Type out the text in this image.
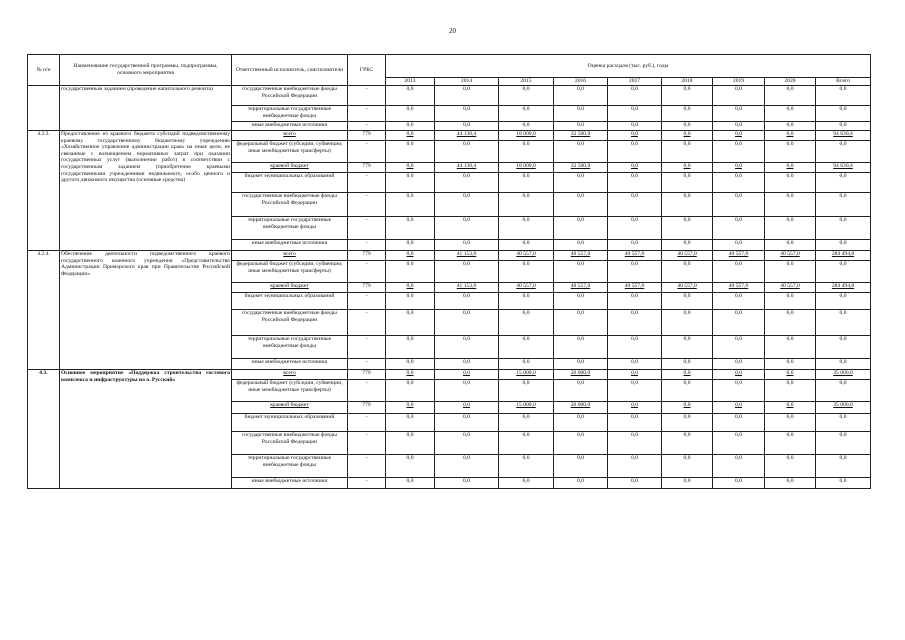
20
№ п/п	Наименование государственной программы, подпрограммы, основного мероприятия	Ответственный исполнитель, соисполнители	ГРБС	Оценка расходов (тыс. руб.), годы								
				2013	2014	2015	2016	2017	2018	2019	2020	Всего
	государственным заданием (проведение капитального ремонта)	государственные внебюджетные фонды Российской Федерации	-	0,0	0,0	0,0	0,0	0,0	0,0	0,0	0,0	0,0
		территориальные государственные внебюджетные фонды	-	0,0	0,0	0,0	0,0	0,0	0,0	0,0	0,0	0,0
		иные внебюджетные источники	-	0,0	0,0	0,0	0,0	0,0	0,0	0,0	0,0	0,0
4.2.3.	Предоставление из краевого бюджета субсидий подведомственному краевому государственному бюджетному учреждению «Хозяйственное управление администрации края» на иные цели, не связанные с возмещением нормативных затрат при оказании государственных услуг (выполнении работ) в соответствии с государственным заданием (приобретение краевыми государственными учреждениями недвижимого, особо ценного и другого движимого имущества (основные средства)	всего	779	0,0	44 130,4	18 000,0	32 500,0	0,0	0,0	0,0	0,0	94 630,4
		федеральный бюджет (субсидии, субвенции, иные межбюджетные трансферты)	-	0,0	0,0	0,0	0,0	0,0	0,0	0,0	0,0	0,0
		краевой бюджет	779	0,0	44 130,4	18 000,0	32 500,0	0,0	0,0	0,0	0,0	94 630,4
		бюджет муниципальных образований	-	0,0	0,0	0,0	0,0	0,0	0,0	0,0	0,0	0,0
		государственные внебюджетные фонды Российской Федерации	-	0,0	0,0	0,0	0,0	0,0	0,0	0,0	0,0	0,0
		территориальные государственные внебюджетные фонды	-	0,0	0,0	0,0	0,0	0,0	0,0	0,0	0,0	0,0
		иные внебюджетные источники	-	0,0	0,0	0,0	0,0	0,0	0,0	0,0	0,0	0,0
4.2.4.	Обеспечение деятельности подведомственного краевого государственного казенного учреждения «Представительство Администрации Приморского края при Правительстве Российской Федерации»	всего	779	0,0	41 153,0	40 557,0	40 557,0	40 557,0	40 557,0	40 557,0	40 557,0	284 494,8
		федеральный бюджет (субсидии, субвенции, иные межбюджетные трансферты)	-	0,0	0,0	0,0	0,0	0,0	0,0	0,0	0,0	0,0
		краевой бюджет	779	0,0	41 153,0	40 557,0	40 557,0	40 557,0	40 557,0	40 557,0	40 557,0	284 494,8
		бюджет муниципальных образований	-	0,0	0,0	0,0	0,0	0,0	0,0	0,0	0,0	0,0
		государственные внебюджетные фонды Российской Федерации	-	0,0	0,0	0,0	0,0	0,0	0,0	0,0	0,0	0,0
		территориальные государственные внебюджетные фонды	-	0,0	0,0	0,0	0,0	0,0	0,0	0,0	0,0	0,0
		иные внебюджетные источники	-	0,0	0,0	0,0	0,0	0,0	0,0	0,0	0,0	0,0
4.3.	Основное мероприятие «Поддержка строительства гостевого комплекса и инфраструктуры на о. Русский»	всего	779	0,0	0,0	15 000,0	20 000,0	0,0	0,0	0,0	0,0	35 000,0
		федеральный бюджет (субсидии, субвенции, иные межбюджетные трансферты)	-	0,0	0,0	0,0	0,0	0,0	0,0	0,0	0,0	0,0
		краевой бюджет	779	0,0	0,0	15 000,0	20 000,0	0,0	0,0	0,0	0,0	35 000,0
		бюджет муниципальных образований	-	0,0	0,0	0,0	0,0	0,0	0,0	0,0	0,0	0,0
		государственные внебюджетные фонды Российской Федерации	-	0,0	0,0	0,0	0,0	0,0	0,0	0,0	0,0	0,0
		территориальные государственные внебюджетные фонды	-	0,0	0,0	0,0	0,0	0,0	0,0	0,0	0,0	0,0
		иные внебюджетные источники	-	0,0	0,0	0,0	0,0	0,0	0,0	0,0	0,0	0,0
